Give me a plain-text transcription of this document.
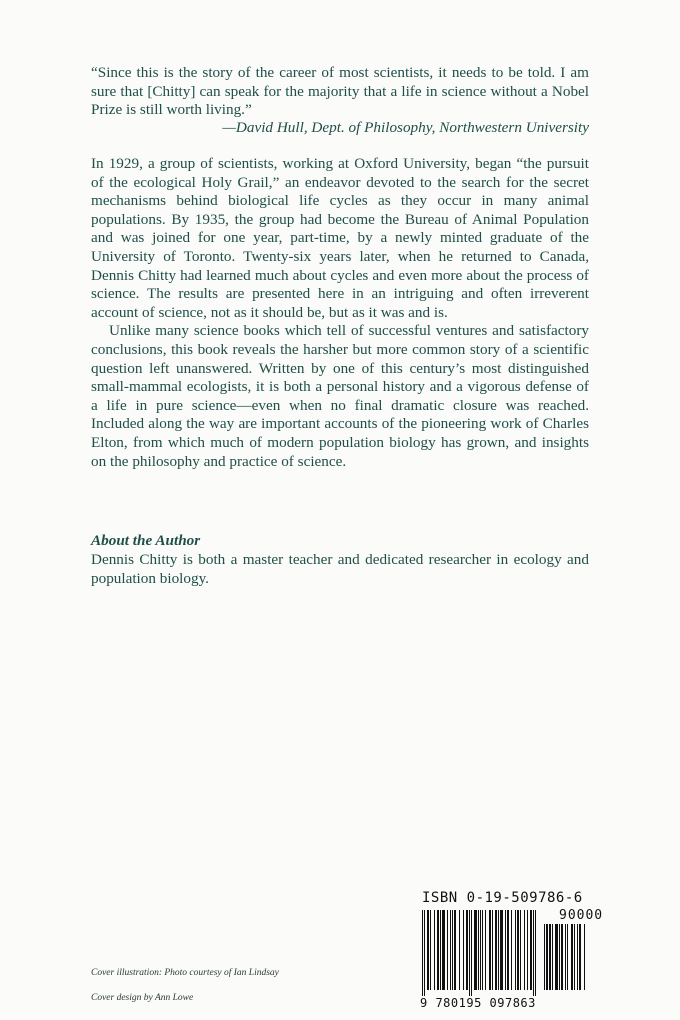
“Since this is the story of the career of most scientists, it needs to be told. I am sure that [Chitty] can speak for the majority that a life in science without a Nobel Prize is still worth living.”

—David Hull, Dept. of Philosophy, Northwestern University

In 1929, a group of scientists, working at Oxford University, began “the pursuit of the ecological Holy Grail,” an endeavor devoted to the search for the secret mechanisms behind biological life cycles as they occur in many animal populations. By 1935, the group had become the Bureau of Animal Population and was joined for one year, part-time, by a newly minted graduate of the University of Toronto. Twenty-six years later, when he returned to Canada, Dennis Chitty had learned much about cycles and even more about the process of science. The results are presented here in an intriguing and often irreverent account of science, not as it should be, but as it was and is.

Unlike many science books which tell of successful ventures and satisfactory conclusions, this book reveals the harsher but more common story of a scientific question left unanswered. Written by one of this century’s most distinguished small-mammal ecologists, it is both a personal history and a vigorous defense of a life in pure science—even when no final dramatic closure was reached. Included along the way are important accounts of the pioneering work of Charles Elton, from which much of modern population biology has grown, and insights on the philosophy and practice of science.

About the Author

Dennis Chitty is both a master teacher and dedicated researcher in ecology and population biology.

Cover illustration: Photo courtesy of Ian Lindsay
Cover design by Ann Lowe
ISBN 0-19-509786-6
90000
9 780195 097863
